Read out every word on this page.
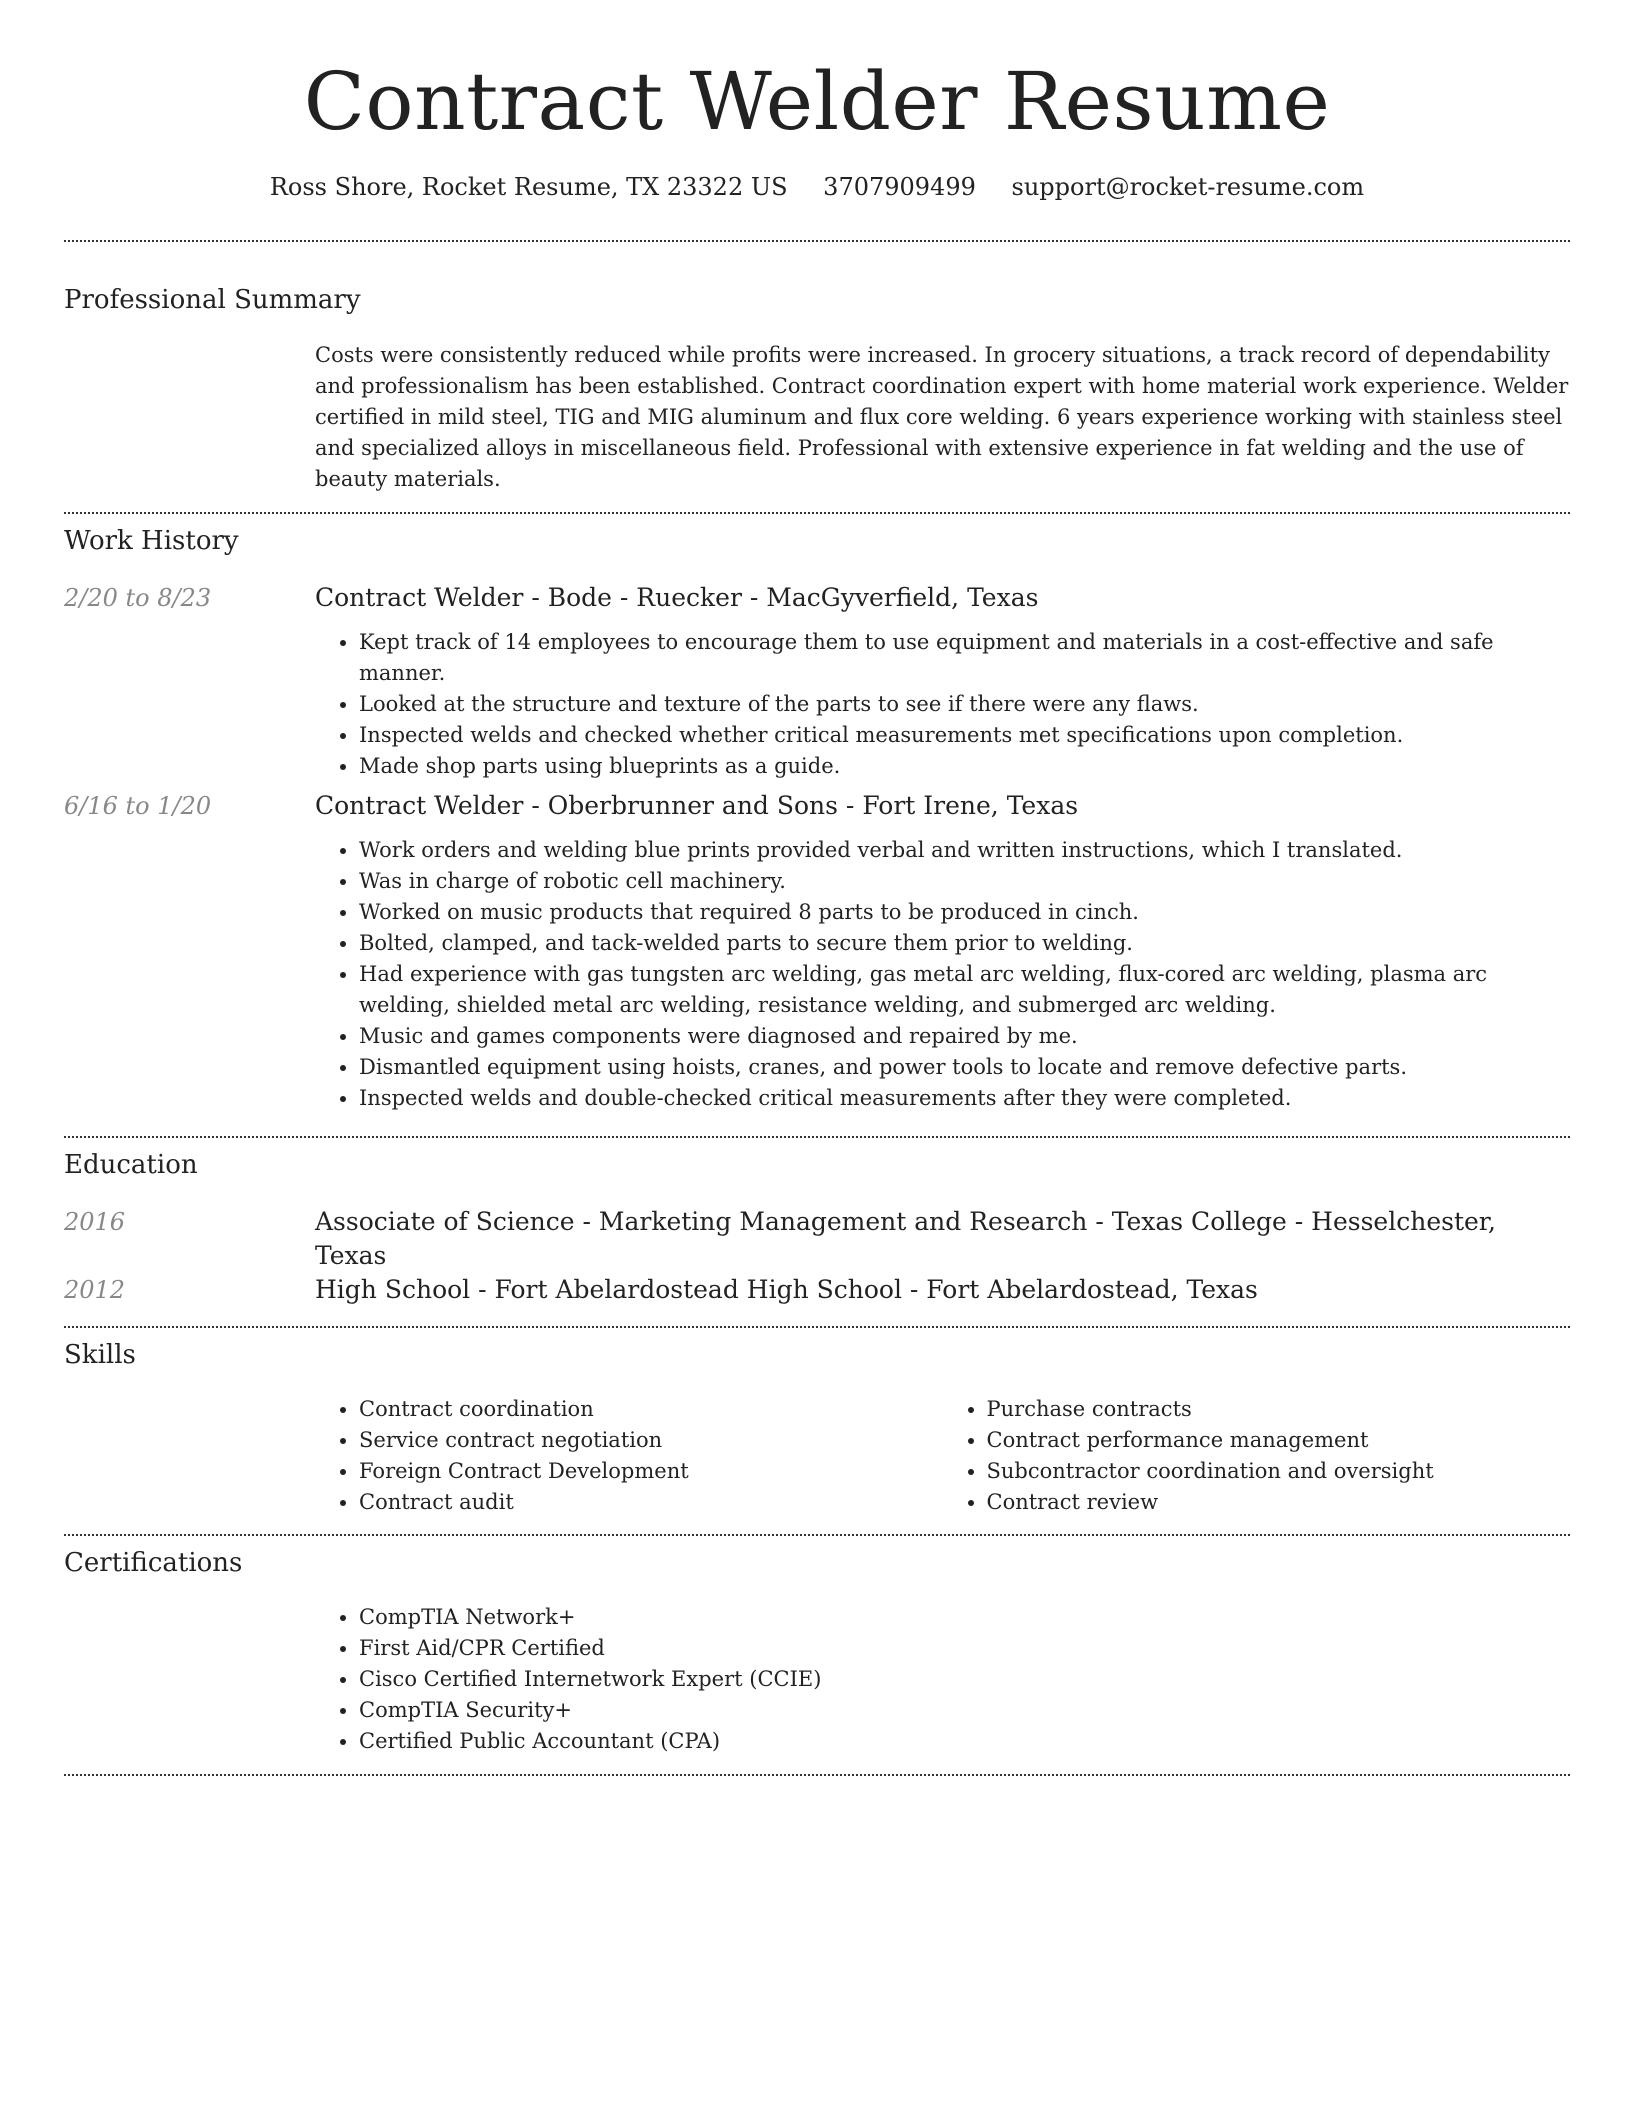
Contract Welder Resume
Ross Shore, Rocket Resume, TX 23322 US 3707909499 support@rocket-resume.com
Professional Summary

Costs were consistently reduced while profits were increased. In grocery situations, a track record of dependability and professionalism has been established. Contract coordination expert with home material work experience. Welder certified in mild steel, TIG and MIG aluminum and flux core welding. 6 years experience working with stainless steel and specialized alloys in miscellaneous field. Professional with extensive experience in fat welding and the use of beauty materials.

Work History
2/20 to 8/23	Contract Welder - Bode - Ruecker - MacGyverfield, Texas
• Kept track of 14 employees to encourage them to use equipment and materials in a cost-effective and safe manner.
• Looked at the structure and texture of the parts to see if there were any flaws.
• Inspected welds and checked whether critical measurements met specifications upon completion.
• Made shop parts using blueprints as a guide.
6/16 to 1/20	Contract Welder - Oberbrunner and Sons - Fort Irene, Texas
• Work orders and welding blue prints provided verbal and written instructions, which I translated.
• Was in charge of robotic cell machinery.
• Worked on music products that required 8 parts to be produced in cinch.
• Bolted, clamped, and tack-welded parts to secure them prior to welding.
• Had experience with gas tungsten arc welding, gas metal arc welding, flux-cored arc welding, plasma arc welding, shielded metal arc welding, resistance welding, and submerged arc welding.
• Music and games components were diagnosed and repaired by me.
• Dismantled equipment using hoists, cranes, and power tools to locate and remove defective parts.
• Inspected welds and double-checked critical measurements after they were completed.
Education
2016	Associate of Science - Marketing Management and Research - Texas College - Hesselchester, Texas
2012	High School - Fort Abelardostead High School - Fort Abelardostead, Texas
Skills
• Contract coordination
• Service contract negotiation
• Foreign Contract Development
• Contract audit
• Purchase contracts
• Contract performance management
• Subcontractor coordination and oversight
• Contract review
Certifications
• CompTIA Network+
• First Aid/CPR Certified
• Cisco Certified Internetwork Expert (CCIE)
• CompTIA Security+
• Certified Public Accountant (CPA)
